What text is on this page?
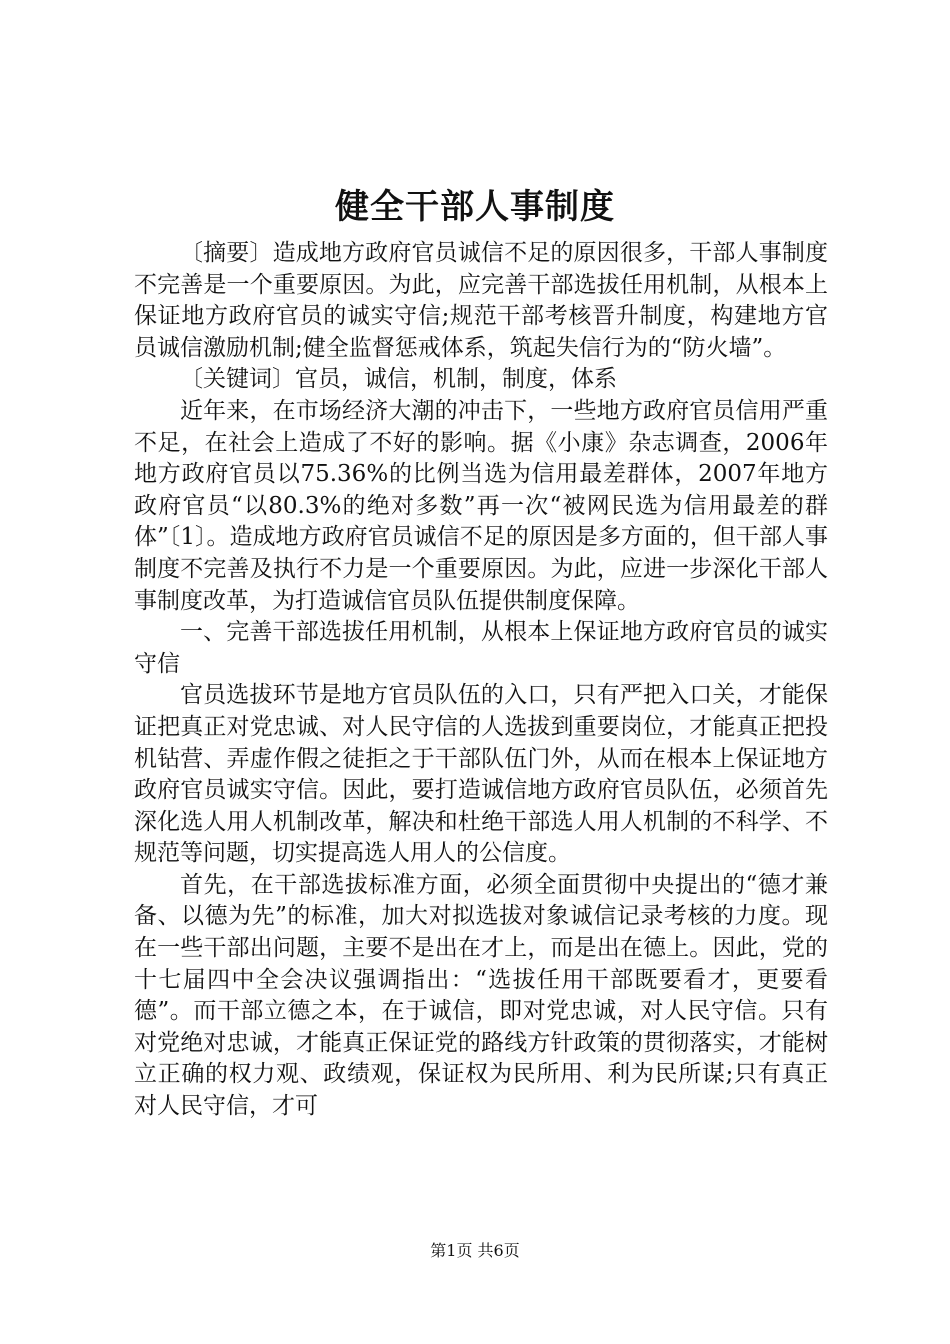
健全干部人事制度

〔摘要〕造成地方政府官员诚信不足的原因很多，干部人事制度不完善是一个重要原因。为此，应完善干部选拔任用机制，从根本上保证地方政府官员的诚实守信;规范干部考核晋升制度，构建地方官员诚信激励机制;健全监督惩戒体系，筑起失信行为的“防火墙”。

〔关键词〕官员，诚信，机制，制度，体系

近年来，在市场经济大潮的冲击下，一些地方政府官员信用严重不足，在社会上造成了不好的影响。据《小康》杂志调查，2006年地方政府官员以75.36%的比例当选为信用最差群体，2007年地方政府官员“以80.3%的绝对多数”再一次“被网民选为信用最差的群体”〔1〕。造成地方政府官员诚信不足的原因是多方面的，但干部人事制度不完善及执行不力是一个重要原因。为此，应进一步深化干部人事制度改革，为打造诚信官员队伍提供制度保障。

一、完善干部选拔任用机制，从根本上保证地方政府官员的诚实守信

官员选拔环节是地方官员队伍的入口，只有严把入口关，才能保证把真正对党忠诚、对人民守信的人选拔到重要岗位，才能真正把投机钻营、弄虚作假之徒拒之于干部队伍门外，从而在根本上保证地方政府官员诚实守信。因此，要打造诚信地方政府官员队伍，必须首先深化选人用人机制改革，解决和杜绝干部选人用人机制的不科学、不规范等问题，切实提高选人用人的公信度。

首先，在干部选拔标准方面，必须全面贯彻中央提出的“德才兼备、以德为先”的标准，加大对拟选拔对象诚信记录考核的力度。现在一些干部出问题，主要不是出在才上，而是出在德上。因此，党的十七届四中全会决议强调指出：“选拔任用干部既要看才，更要看德”。而干部立德之本，在于诚信，即对党忠诚，对人民守信。只有对党绝对忠诚，才能真正保证党的路线方针政策的贯彻落实，才能树立正确的权力观、政绩观，保证权为民所用、利为民所谋;只有真正对人民守信，才可

第1页 共6页
